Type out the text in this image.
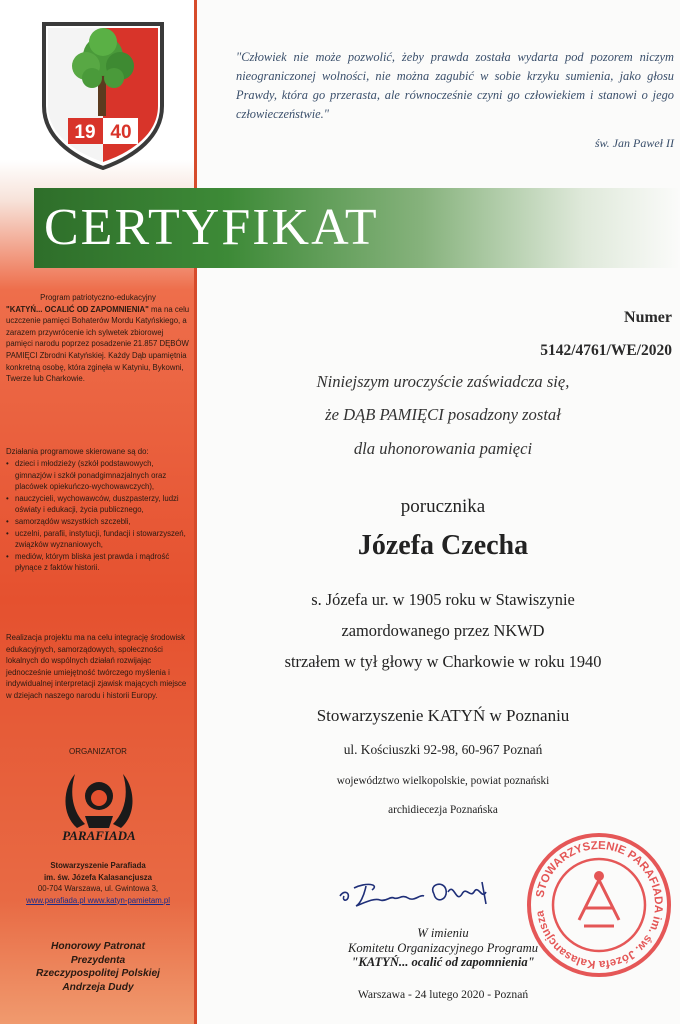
19 40
"Człowiek nie może pozwolić, żeby prawda została wydarta pod pozorem niczym nieograniczonej wolności, nie można zagubić w sobie krzyku sumienia, jako głosu Prawdy, która go przerasta, ale równocześnie czyni go człowiekiem i stanowi o jego człowieczeństwie."
św. Jan Paweł II
CERTYFIKAT

Program patriotyczno-edukacyjny

"KATYŃ... OCALIĆ OD ZAPOMNIENIA" ma na celu uczczenie pamięci Bohaterów Mordu Katyńskiego, a zarazem przywrócenie ich sylwetek zbiorowej pamięci narodu poprzez posadzenie 21.857 DĘBÓW PAMIĘCI Zbrodni Katyńskiej. Każdy Dąb upamiętnia konkretną osobę, która zginęła w Katyniu, Bykowni, Twerze lub Charkowie.

Działania programowe skierowane są do:
• dzieci i młodzieży (szkół podstawowych, gimnazjów i szkół ponadgimnazjalnych oraz placówek opiekuńczo-wychowawczych),
• nauczycieli, wychowawców, duszpasterzy, ludzi oświaty i edukacji, życia publicznego,
• samorządów wszystkich szczebli,
• uczelni, parafii, instytucji, fundacji i stowarzyszeń, związków wyznaniowych,
• mediów, którym bliska jest prawda i mądrość płynące z faktów historii.
Realizacja projektu ma na celu integrację środowisk edukacyjnych, samorządowych, społeczności lokalnych do wspólnych działań rozwijając jednocześnie umiejętność twórczego myślenia i indywidualnej interpretacji zjawisk mających miejsce w dziejach naszego narodu i historii Europy.
ORGANIZATOR
PARAFIADA
Stowarzyszenie Parafiada
im. św. Józefa Kalasancjusza
00-704 Warszawa, ul. Gwintowa 3,
www.parafiada.pl www.katyn-pamietam.pl
Honorowy Patronat
Prezydenta
Rzeczypospolitej Polskiej
Andrzeja Dudy
Numer
5142/4761/WE/2020
Niniejszym uroczyście zaświadcza się,
że DĄB PAMIĘCI posadzony został
dla uhonorowania pamięci
porucznika
Józefa Czecha
s. Józefa ur. w 1905 roku w Stawiszynie
zamordowanego przez NKWD
strzałem w tył głowy w Charkowie w roku 1940
Stowarzyszenie KATYŃ w Poznaniu
ul. Kościuszki 92-98, 60-967 Poznań
województwo wielkopolskie, powiat poznański
archidiecezja Poznańska
STOWARZYSZENIE PARAFIADA im. św. Józefa Kalasancjusza
W imieniu
Komitetu Organizacyjnego Programu
"KATYŃ... ocalić od zapomnienia"
Warszawa - 24 lutego 2020 - Poznań
